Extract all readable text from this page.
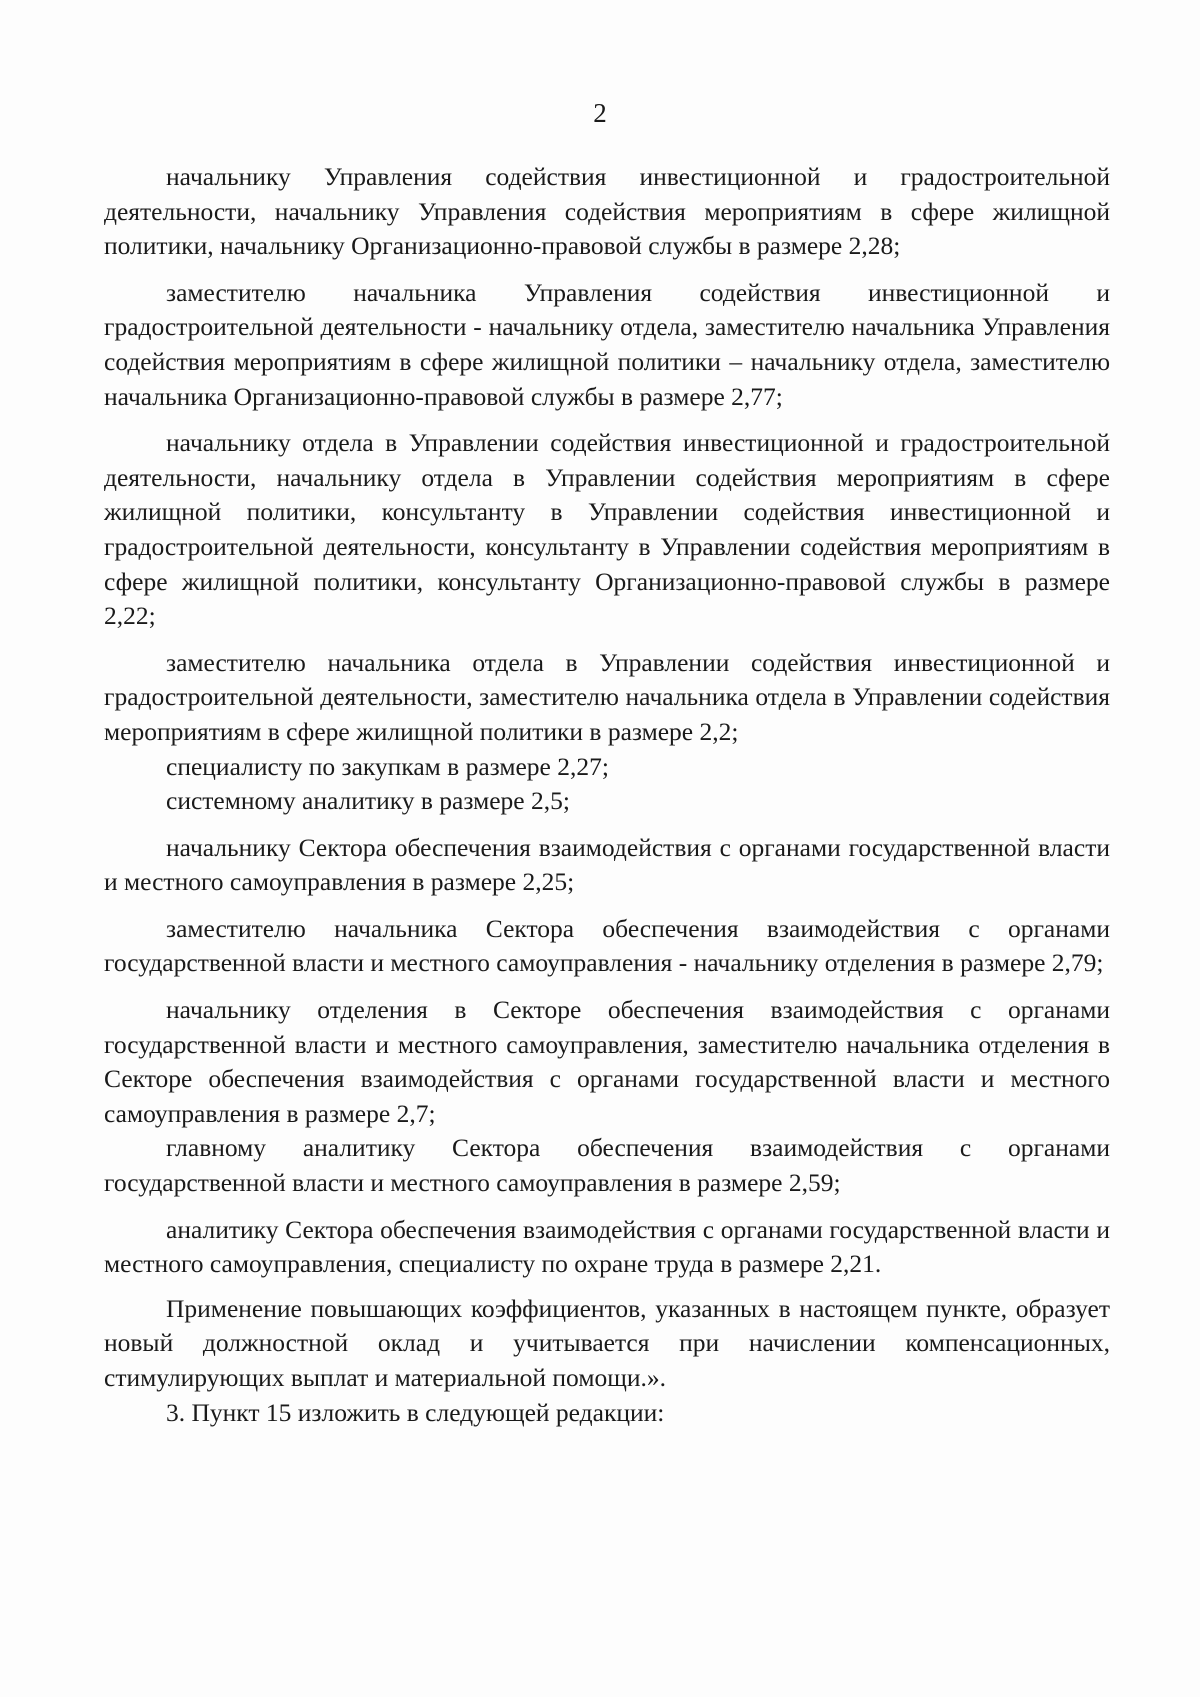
2

начальнику Управления содействия инвестиционной и градостроительной деятельности, начальнику Управления содействия мероприятиям в сфере жилищной политики, начальнику Организационно-правовой службы в размере 2,28;

заместителю начальника Управления содействия инвестиционной и градостроительной деятельности - начальнику отдела, заместителю начальника Управления содействия мероприятиям в сфере жилищной политики – начальнику отдела, заместителю начальника Организационно-правовой службы в размере 2,77;

начальнику отдела в Управлении содействия инвестиционной и градостроительной деятельности, начальнику отдела в Управлении содействия мероприятиям в сфере жилищной политики, консультанту в Управлении содействия инвестиционной и градостроительной деятельности, консультанту в Управлении содействия мероприятиям в сфере жилищной политики, консультанту Организационно-правовой службы в размере 2,22;

заместителю начальника отдела в Управлении содействия инвестиционной и градостроительной деятельности, заместителю начальника отдела в Управлении содействия мероприятиям в сфере жилищной политики в размере 2,2;

специалисту по закупкам в размере 2,27;

системному аналитику в размере 2,5;

начальнику Сектора обеспечения взаимодействия с органами государственной власти и местного самоуправления в размере 2,25;

заместителю начальника Сектора обеспечения взаимодействия с органами государственной власти и местного самоуправления - начальнику отделения в размере 2,79;

начальнику отделения в Секторе обеспечения взаимодействия с органами государственной власти и местного самоуправления, заместителю начальника отделения в Секторе обеспечения взаимодействия с органами государственной власти и местного самоуправления в размере 2,7;

главному аналитику Сектора обеспечения взаимодействия с органами государственной власти и местного самоуправления в размере 2,59;

аналитику Сектора обеспечения взаимодействия с органами государственной власти и местного самоуправления, специалисту по охране труда в размере 2,21.

Применение повышающих коэффициентов, указанных в настоящем пункте, образует новый должностной оклад и учитывается при начислении компенсационных, стимулирующих выплат и материальной помощи.».

3. Пункт 15 изложить в следующей редакции:
